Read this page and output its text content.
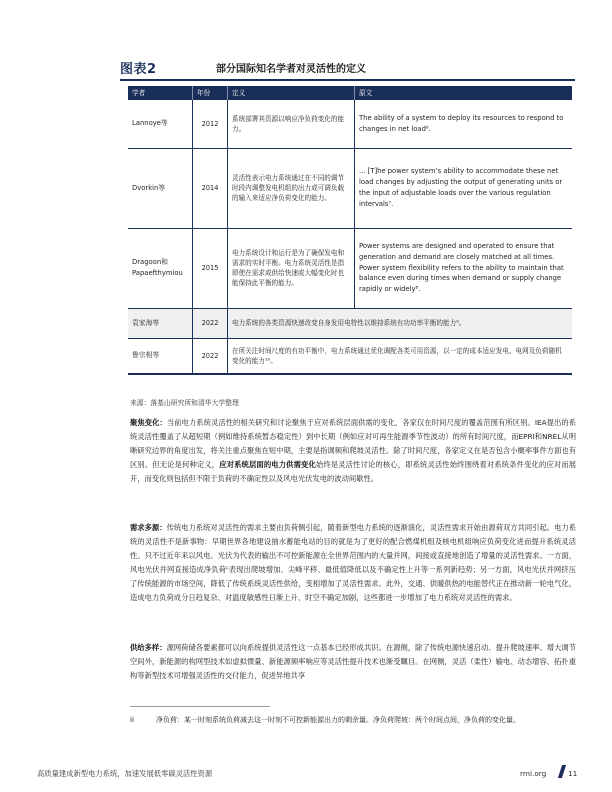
图表2	部分国际知名学者对灵活性的定义
学者	年份	定义	原文
Lannoye等	2012	系统部署其资源以响应净负荷变化的能力。	The ability of a system to deploy its resources to respond to changes in net load⁶.
Dvorkin等	2014	灵活性表示电力系统通过在不同的调节时段内调整发电机组的出力或可调负载的输入来适应净负荷变化的能力。	... [T]he power system’s ability to accommodate these net load changes by adjusting the output of generating units or the input of adjustable loads over the various regulation intervals⁷.
Dragoon和Papaefthymiou	2015	电力系统设计和运行是为了确保发电和需求的实时平衡。电力系统灵活性是指即使在需求或供给快速或大幅变化时也能保持此平衡的能力。	Power systems are designed and operated to ensure that generation and demand are closely matched at all times. Power system flexibility refers to the ability to maintain that balance even during times when demand or supply change rapidly or widely⁸.
袁家海等	2022	电力系统的各类资源快速改变自身发用电特性以维持系统有功功率平衡的能力⁹。	
鲁宗相等	2022	在所关注时间尺度的有功平衡中，电力系统通过优化调配各类可用资源，以一定的成本适应发电、电网及负荷随机变化的能力¹⁰。	
来源：落基山研究所和清华大学整理
聚焦变化：当前电力系统灵活性的相关研究和讨论聚焦于应对系统层面供需的变化，各家仅在时间尺度的覆盖范围有所区别。IEA提出的系统灵活性覆盖了从超短期（例如维持系统暂态稳定性）到中长期（例如应对可再生能源季节性波动）的所有时间尺度，而EPRI和NREL从明晰研究边界的角度出发，将关注重点聚焦在短中期，主要是指调频和爬坡灵活性。除了时间尺度，各家定义在是否包含小概率事件方面也有区别。但无论是何种定义，应对系统层面的电力供需变化始终是灵活性讨论的核心，即系统灵活性始终围绕着对系统条件变化的应对而展开，而变化则包括但不限于负荷的不确定性以及风电光伏发电的波动间歇性。
需求多源：传统电力系统对灵活性的需求主要由负荷侧引起，随着新型电力系统的逐渐演化，灵活性需求开始由源荷双方共同引起。电力系统的灵活性不是新事物：早期世界各地建设抽水蓄能电站的目的就是为了更好的配合燃煤机组及核电机组响应负荷变化进而提升系统灵活性。只不过近年来以风电、光伏为代表的输出不可控新能源在全世界范围内的大量并网，间接或直接地创造了增量的灵活性需求。一方面，风电光伏并网直接造成净负荷ⁱⁱ表现出爬坡增加、尖峰平移、最低值降低以及不确定性上升等一系列新趋势；另一方面，风电光伏并网挤压了传统能源的市场空间，降低了传统系统灵活性供给，变相增加了灵活性需求。此外，交通、供暖供热的电能替代正在推动新一轮电气化，造成电力负荷成分日趋复杂、对温度敏感性日渐上升、时空不确定加剧，这些都进一步增加了电力系统对灵活性的需求。
供给多样：源网荷储各要素都可以向系统提供灵活性这一点基本已经形成共识。在源侧，除了传统电源快速启动、提升爬坡速率、增大调节空间外，新能源的构网型技术如虚拟惯量、新能源频率响应等灵活性提升技术也渐受瞩目。在网侧，灵活（柔性）输电、动态增容、拓扑重构等新型技术可增强灵活性的交付能力，促进异地共享
ii	净负荷：某一时刻系统负荷减去这一时刻不可控新能源出力的剩余量。净负荷爬坡：两个时间点间，净负荷的变化量。
高质量建成新型电力系统，加速发展低零碳灵活性资源	rmi.org	11
